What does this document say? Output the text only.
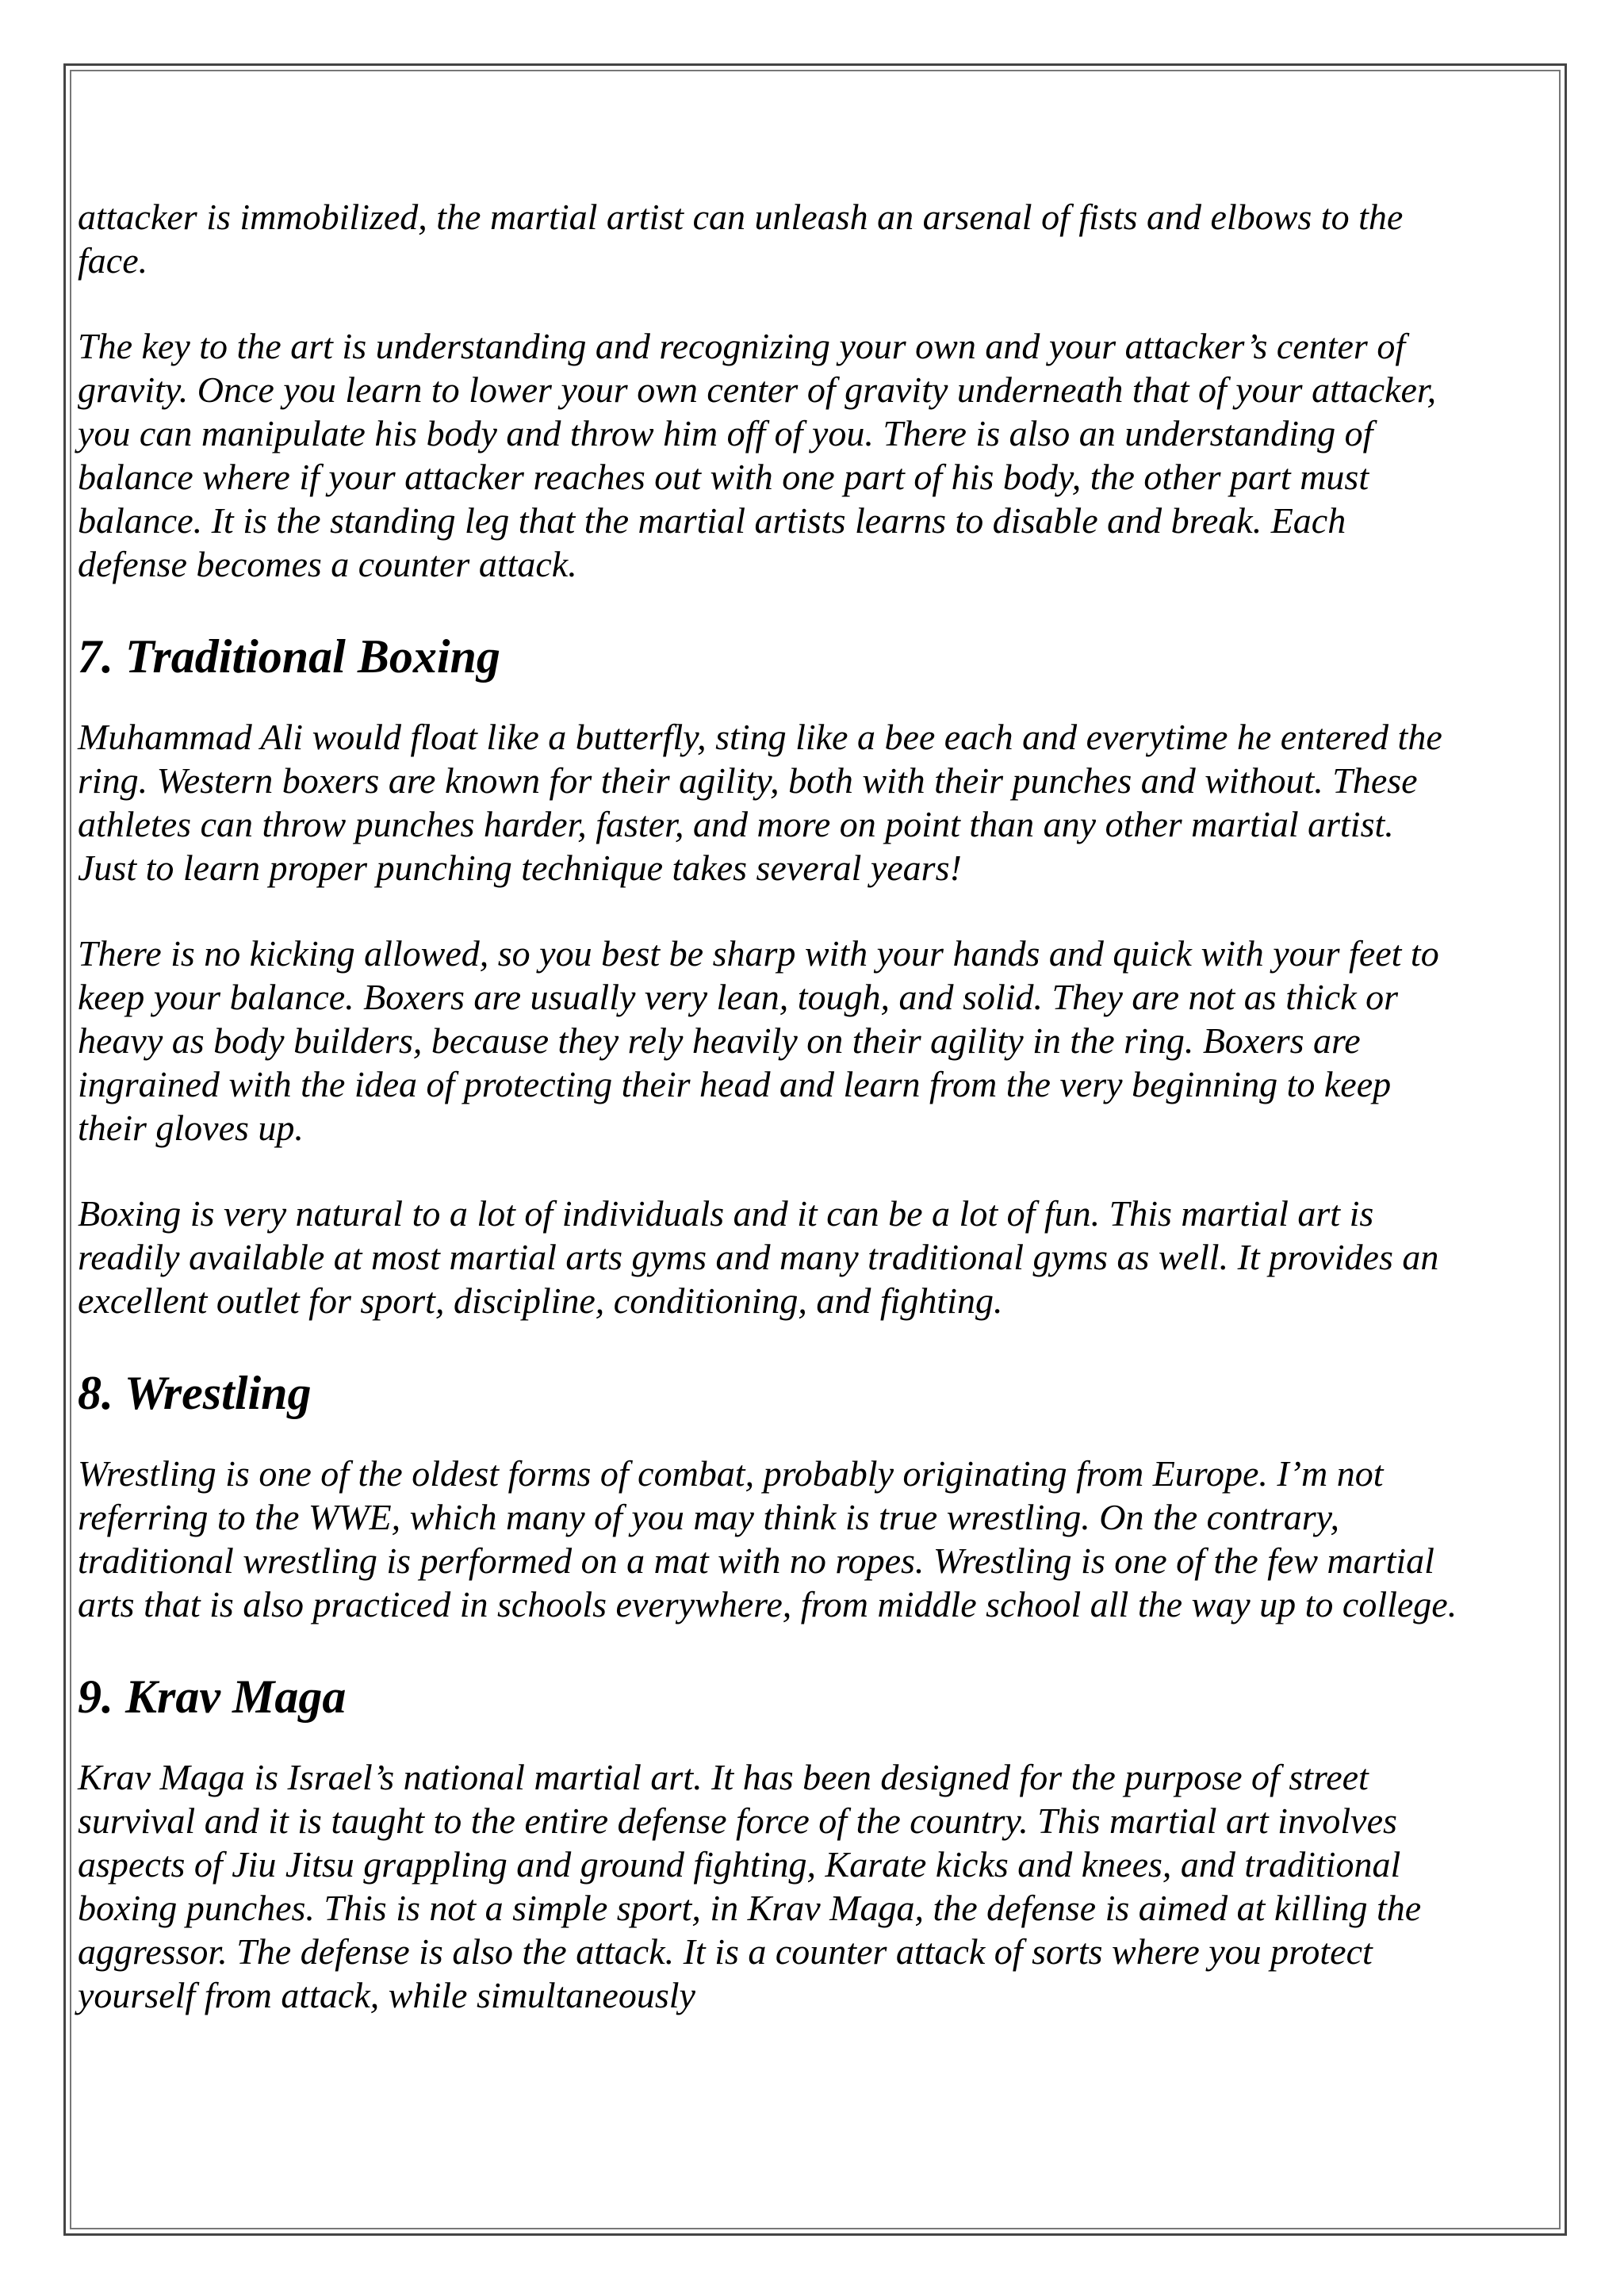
attacker is immobilized, the martial artist can unleash an arsenal of fists and elbows to the face.

The key to the art is understanding and recognizing your own and your attacker’s center of gravity. Once you learn to lower your own center of gravity underneath that of your attacker, you can manipulate his body and throw him off of you. There is also an understanding of balance where if your attacker reaches out with one part of his body, the other part must balance. It is the standing leg that the martial artists learns to disable and break. Each defense becomes a counter attack.

7. Traditional Boxing

Muhammad Ali would float like a butterfly, sting like a bee each and everytime he entered the ring. Western boxers are known for their agility, both with their punches and without. These athletes can throw punches harder, faster, and more on point than any other martial artist. Just to learn proper punching technique takes several years!

There is no kicking allowed, so you best be sharp with your hands and quick with your feet to keep your balance. Boxers are usually very lean, tough, and solid. They are not as thick or heavy as body builders, because they rely heavily on their agility in the ring. Boxers are ingrained with the idea of protecting their head and learn from the very beginning to keep their gloves up.

Boxing is very natural to a lot of individuals and it can be a lot of fun. This martial art is readily available at most martial arts gyms and many traditional gyms as well. It provides an excellent outlet for sport, discipline, conditioning, and fighting.

8. Wrestling

Wrestling is one of the oldest forms of combat, probably originating from Europe. I’m not referring to the WWE, which many of you may think is true wrestling. On the contrary, traditional wrestling is performed on a mat with no ropes. Wrestling is one of the few martial arts that is also practiced in schools everywhere, from middle school all the way up to college.

9. Krav Maga

Krav Maga is Israel’s national martial art. It has been designed for the purpose of street survival and it is taught to the entire defense force of the country. This martial art involves aspects of Jiu Jitsu grappling and ground fighting, Karate kicks and knees, and traditional boxing punches. This is not a simple sport, in Krav Maga, the defense is aimed at killing the aggressor. The defense is also the attack. It is a counter attack of sorts where you protect yourself from attack, while simultaneously
